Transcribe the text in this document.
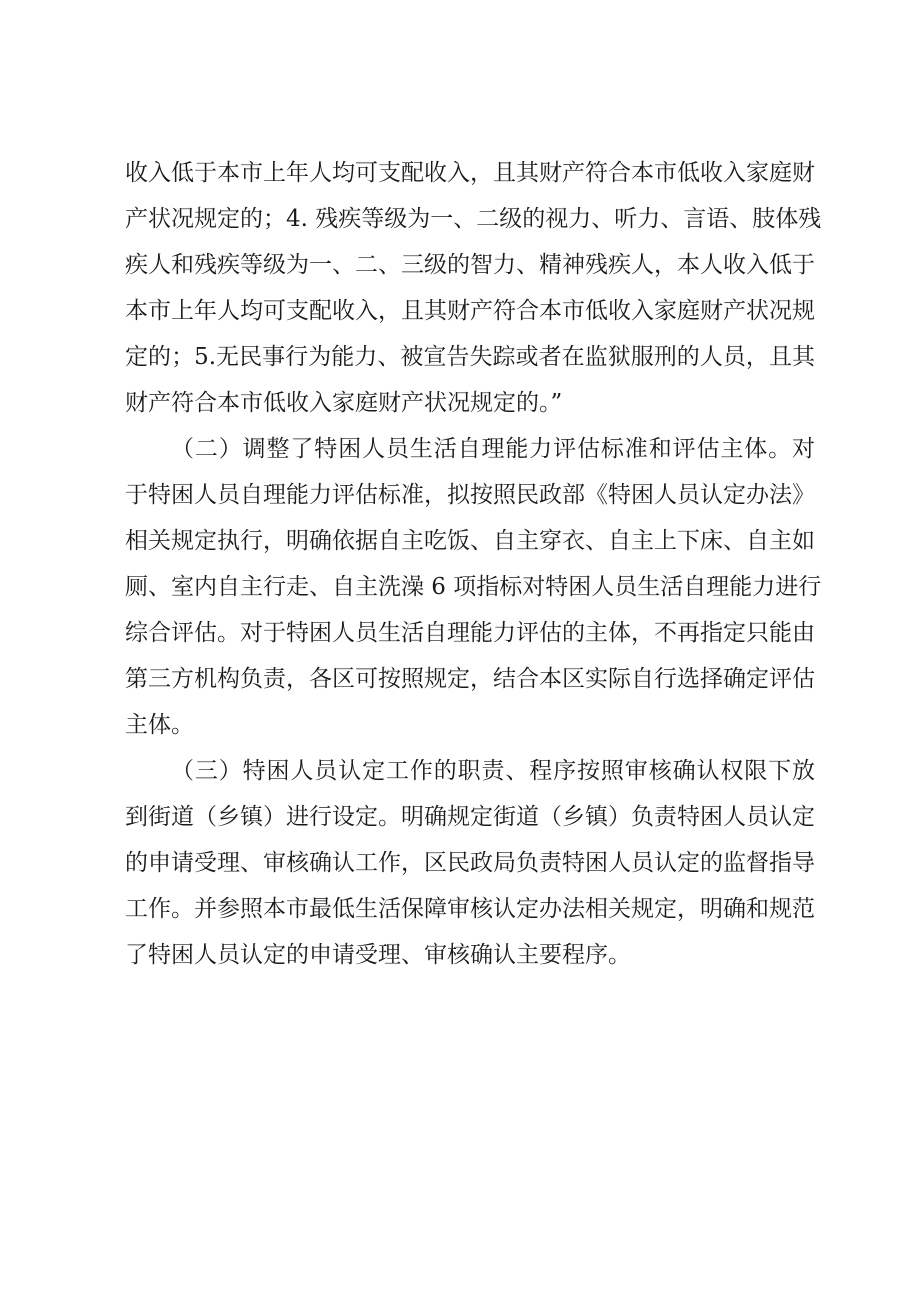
收入低于本市上年人均可支配收入，且其财产符合本市低收入家庭财
产状况规定的；4. 残疾等级为一、二级的视力、听力、言语、肢体残
疾人和残疾等级为一、二、三级的智力、精神残疾人，本人收入低于
本市上年人均可支配收入，且其财产符合本市低收入家庭财产状况规
定的；5.无民事行为能力、被宣告失踪或者在监狱服刑的人员，且其
财产符合本市低收入家庭财产状况规定的。”
（二）调整了特困人员生活自理能力评估标准和评估主体。对
于特困人员自理能力评估标准，拟按照民政部《特困人员认定办法》
相关规定执行，明确依据自主吃饭、自主穿衣、自主上下床、自主如
厕、室内自主行走、自主洗澡 6 项指标对特困人员生活自理能力进行
综合评估。对于特困人员生活自理能力评估的主体，不再指定只能由
第三方机构负责，各区可按照规定，结合本区实际自行选择确定评估
主体。
（三）特困人员认定工作的职责、程序按照审核确认权限下放
到街道（乡镇）进行设定。明确规定街道（乡镇）负责特困人员认定
的申请受理、审核确认工作，区民政局负责特困人员认定的监督指导
工作。并参照本市最低生活保障审核认定办法相关规定，明确和规范
了特困人员认定的申请受理、审核确认主要程序。
